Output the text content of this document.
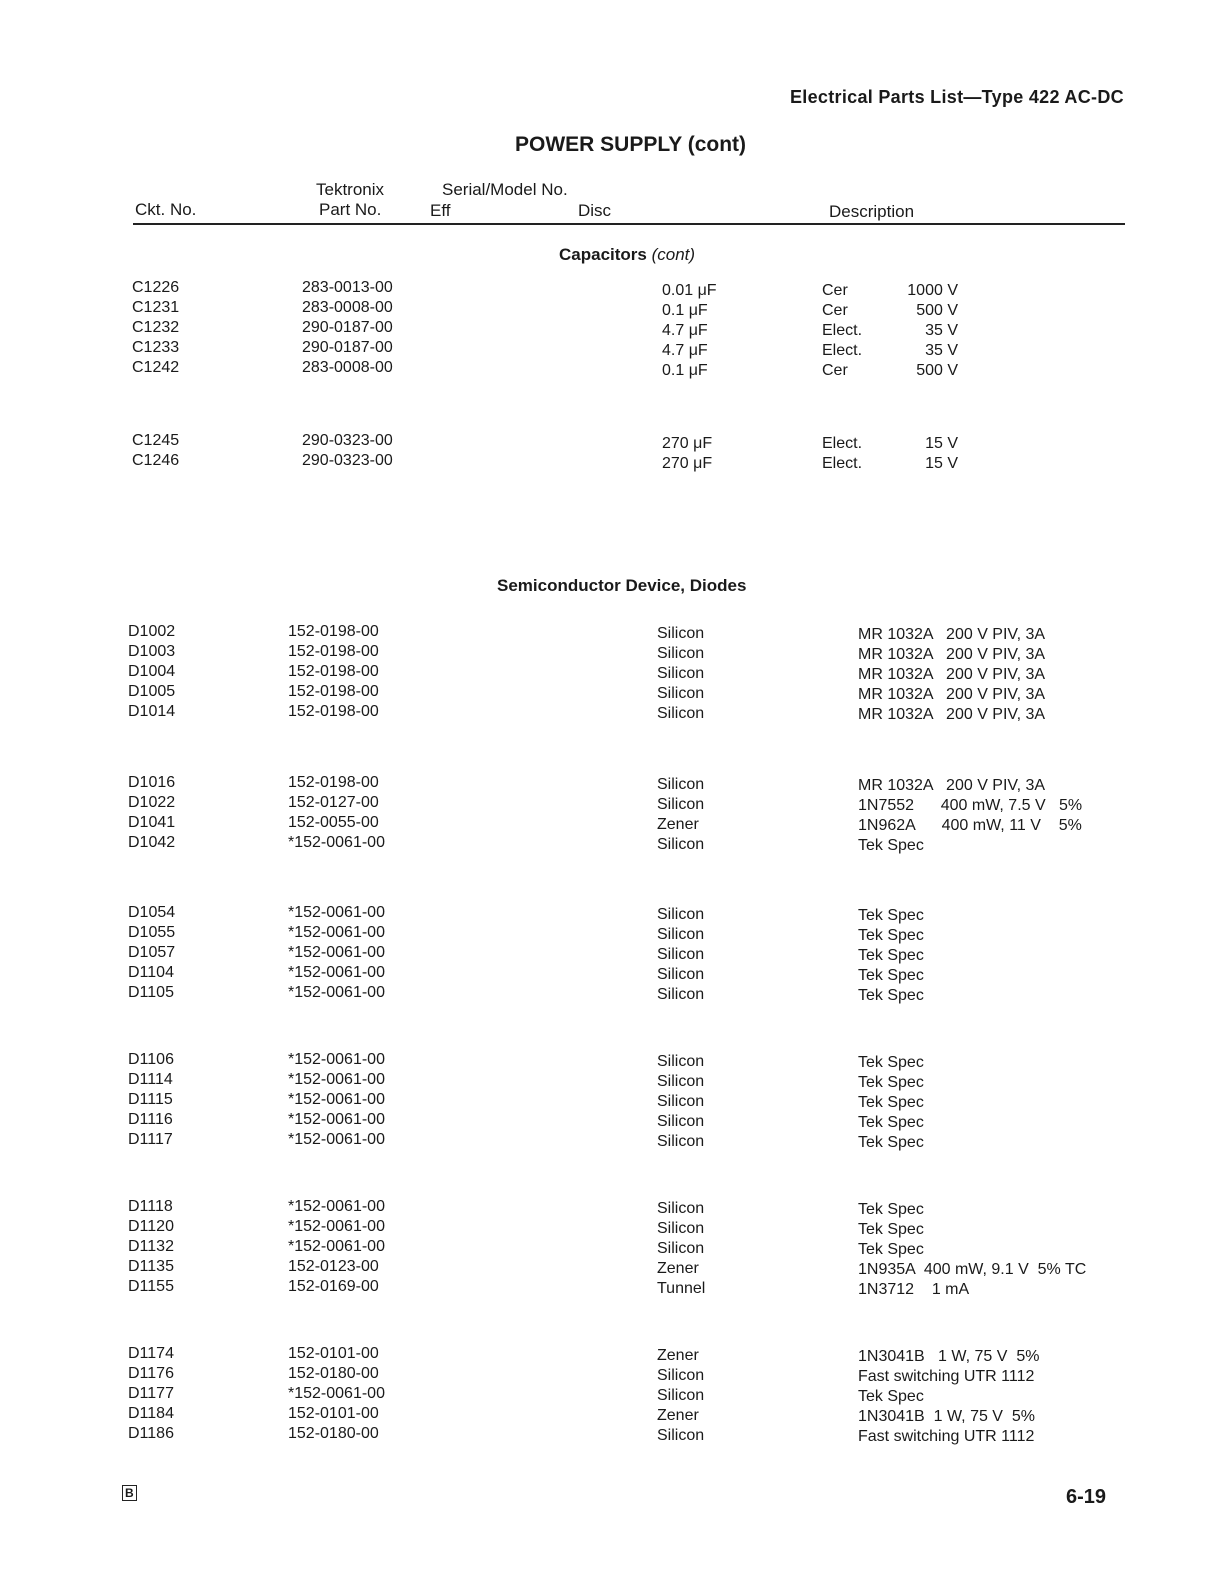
Electrical Parts List—Type 422 AC-DC
POWER SUPPLY (cont)
Tektronix	Serial/Model No.
Ckt. No.	Part No.	Eff	Disc	Description
Capacitors (cont)
C1226	283-0013-00	0.01 μF	Cer	1000 V
C1231	283-0008-00	0.1 μF	Cer	500 V
C1232	290-0187-00	4.7 μF	Elect.	35 V
C1233	290-0187-00	4.7 μF	Elect.	35 V
C1242	283-0008-00	0.1 μF	Cer	500 V
C1245	290-0323-00	270 μF	Elect.	15 V
C1246	290-0323-00	270 μF	Elect.	15 V
Semiconductor Device, Diodes
D1002	152-0198-00	Silicon	MR 1032A   200 V PIV, 3A
D1003	152-0198-00	Silicon	MR 1032A   200 V PIV, 3A
D1004	152-0198-00	Silicon	MR 1032A   200 V PIV, 3A
D1005	152-0198-00	Silicon	MR 1032A   200 V PIV, 3A
D1014	152-0198-00	Silicon	MR 1032A   200 V PIV, 3A
D1016	152-0198-00	Silicon	MR 1032A   200 V PIV, 3A
D1022	152-0127-00	Silicon	1N7552      400 mW, 7.5 V   5%
D1041	152-0055-00	Zener	1N962A      400 mW, 11 V    5%
D1042	*152-0061-00	Silicon	Tek Spec
D1054	*152-0061-00	Silicon	Tek Spec
D1055	*152-0061-00	Silicon	Tek Spec
D1057	*152-0061-00	Silicon	Tek Spec
D1104	*152-0061-00	Silicon	Tek Spec
D1105	*152-0061-00	Silicon	Tek Spec
D1106	*152-0061-00	Silicon	Tek Spec
D1114	*152-0061-00	Silicon	Tek Spec
D1115	*152-0061-00	Silicon	Tek Spec
D1116	*152-0061-00	Silicon	Tek Spec
D1117	*152-0061-00	Silicon	Tek Spec
D1118	*152-0061-00	Silicon	Tek Spec
D1120	*152-0061-00	Silicon	Tek Spec
D1132	*152-0061-00	Silicon	Tek Spec
D1135	152-0123-00	Zener	1N935A  400 mW, 9.1 V  5% TC
D1155	152-0169-00	Tunnel	1N3712    1 mA
D1174	152-0101-00	Zener	1N3041B   1 W, 75 V  5%
D1176	152-0180-00	Silicon	Fast switching UTR 1112
D1177	*152-0061-00	Silicon	Tek Spec
D1184	152-0101-00	Zener	1N3041B  1 W, 75 V  5%
D1186	152-0180-00	Silicon	Fast switching UTR 1112
B	6-19
